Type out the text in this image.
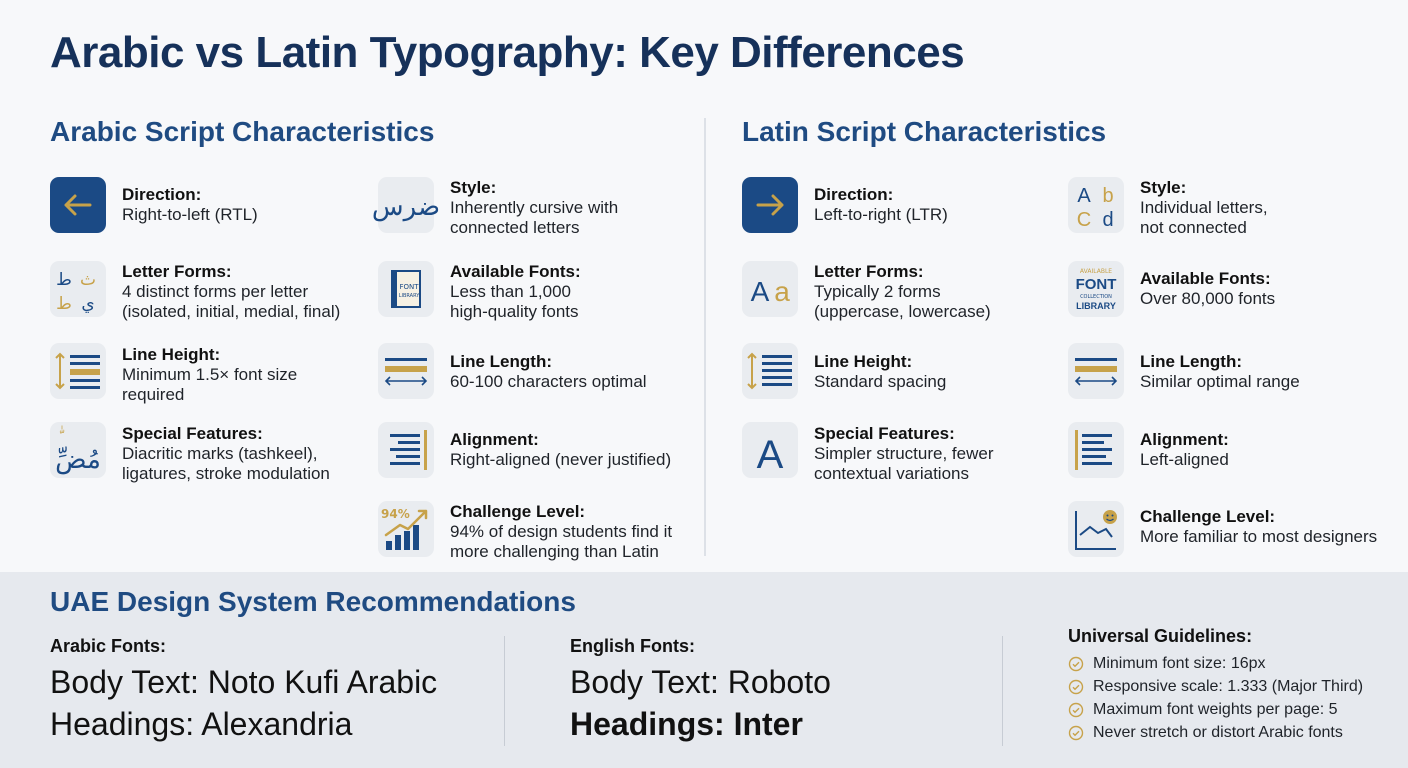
Arabic vs Latin Typography: Key Differences
Arabic Script Characteristics	Latin Script Characteristics
Direction:
Right-to-left (RTL)
ط ث
ط ي
Letter Forms:
4 distinct forms per letter
(isolated, initial, medial, final)
Line Height:
Minimum 1.5× font size
required
ٰ ّ
مُضِّ
Special Features:
Diacritic marks (tashkeel),
ligatures, stroke modulation
ضرس
Style:
Inherently cursive with
connected letters
FONT
LIBRARY
Available Fonts:
Less than 1,000
high-quality fonts
Line Length:
60-100 characters optimal
Alignment:
Right-aligned (never justified)
94% Challenge Level:
94% of design students find it
more challenging than Latin
Direction:
Left-to-right (LTR)
A a
Letter Forms:
Typically 2 forms
(uppercase, lowercase)
Line Height:
Standard spacing
A Special Features:
Simpler structure, fewer
contextual variations
A b
C d
Style:
Individual letters,
not connected
AVAILABLE
FONT
COLLECTION
LIBRARY
Available Fonts:
Over 80,000 fonts
Line Length:
Similar optimal range
Alignment:
Left-aligned
Challenge Level:
More familiar to most designers
UAE Design System Recommendations
Arabic Fonts:
Body Text: Noto Kufi Arabic
Headings: Alexandria
English Fonts:
Body Text: Roboto
Headings: Inter
Universal Guidelines:
Minimum font size: 16px
Responsive scale: 1.333 (Major Third)
Maximum font weights per page: 5
Never stretch or distort Arabic fonts
